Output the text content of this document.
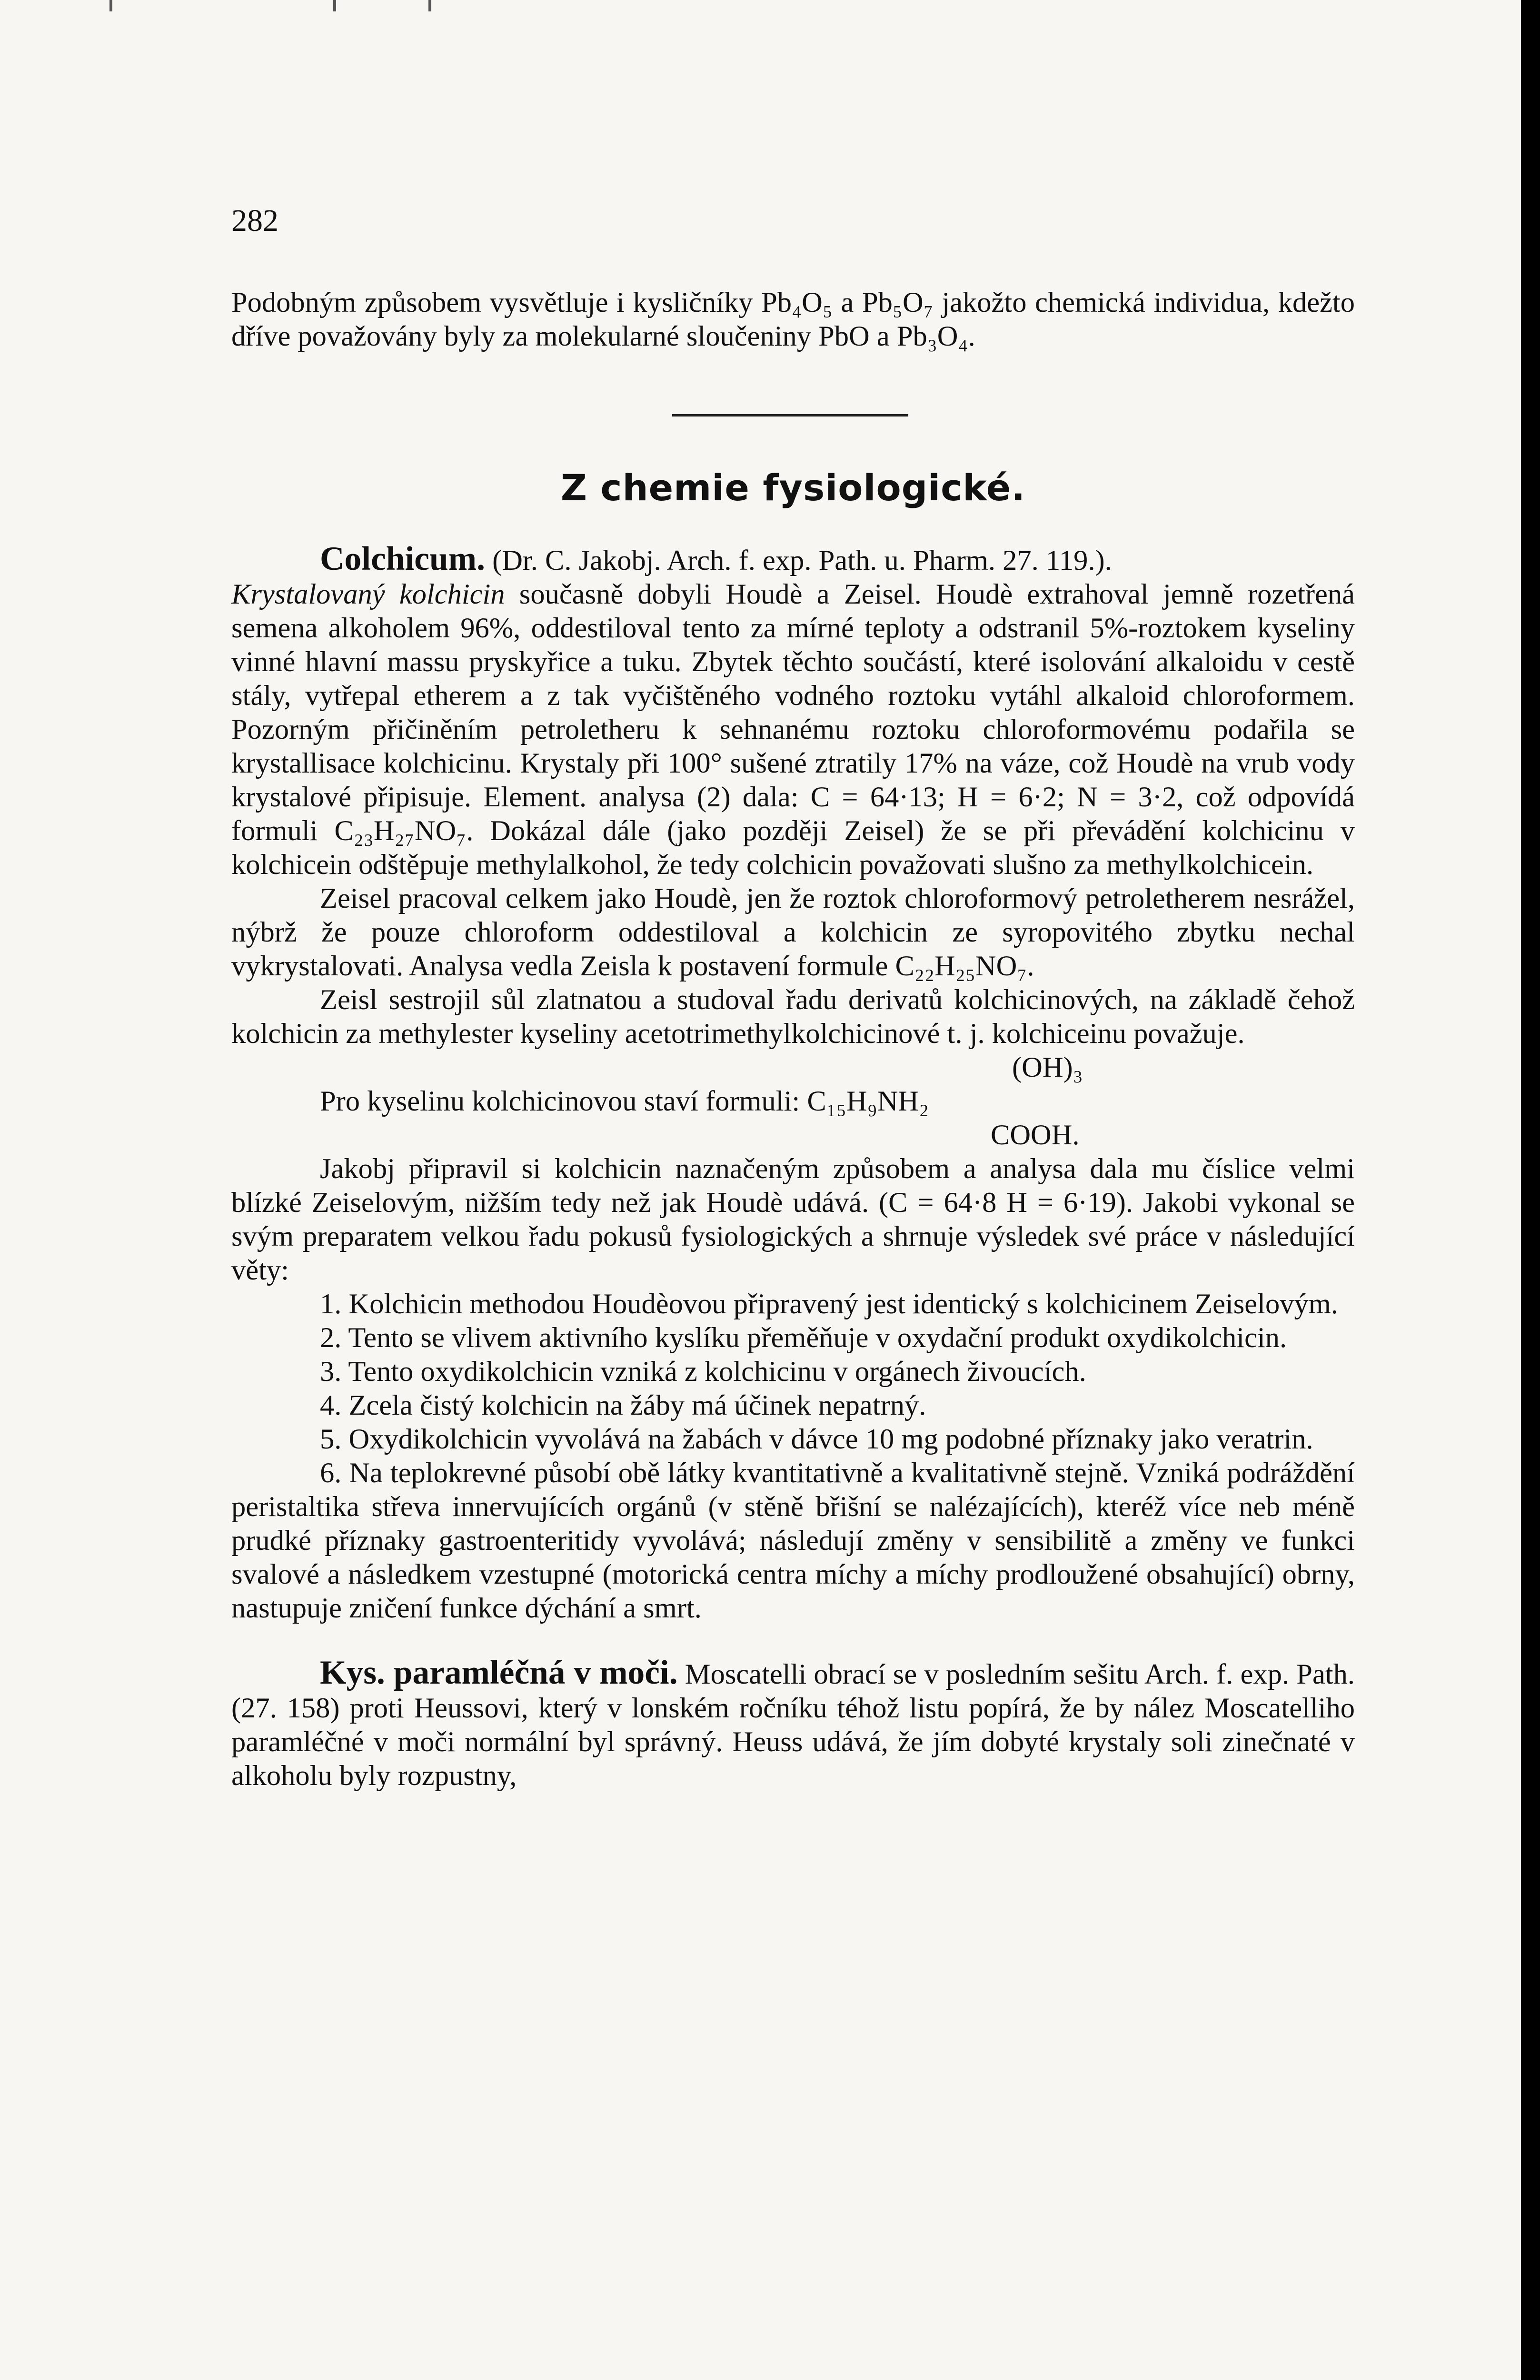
282

Podobným způsobem vysvětluje i kysličníky Pb₄O₅ a Pb₅O₇ jakožto chemická individua, kdežto dříve považovány byly za molekularné sloučeniny PbO a Pb₃O₄.

Z chemie fysiologické.

Colchicum. (Dr. C. Jakobj. Arch. f. exp. Path. u. Pharm. 27. 119.).

Krystalovaný kolchicin současně dobyli Houdè a Zeisel. Houdè extrahoval jemně rozetřená semena alkoholem 96%, oddestiloval tento za mírné teploty a odstranil 5%-roztokem kyseliny vinné hlavní massu pryskyřice a tuku. Zbytek těchto součástí, které isolování alkaloidu v cestě stály, vytřepal etherem a z tak vyčištěného vodného roztoku vytáhl alkaloid chloroformem. Pozorným přičiněním petroletheru k sehnanému roztoku chloroformovému podařila se krystallisace kolchicinu. Krystaly při 100° sušené ztratily 17% na váze, což Houdè na vrub vody krystalové připisuje. Element. analysa (2) dala: C = 64·13; H = 6·2; N = 3·2, což odpovídá formuli C₂₃H₂₇NO₇. Dokázal dále (jako později Zeisel) že se při převádění kolchicinu v kolchicein odštěpuje methylalkohol, že tedy colchicin považovati slušno za methylkolchicein.

Zeisel pracoval celkem jako Houdè, jen že roztok chloroformový petroletherem nesrážel, nýbrž že pouze chloroform oddestiloval a kolchicin ze syropovitého zbytku nechal vykrystalovati. Analysa vedla Zeisla k postavení formule C₂₂H₂₅NO₇.

Zeisl sestrojil sůl zlatnatou a studoval řadu derivatů kolchicinových, na základě čehož kolchicin za methylester kyseliny acetotrimethylkolchicinové t. j. kolchiceinu považuje.

(OH)₃
Pro kyselinu kolchicinovou staví formuli: C₁₅H₉NH₂
COOH.

Jakobj připravil si kolchicin naznačeným způsobem a analysa dala mu číslice velmi blízké Zeiselovým, nižším tedy než jak Houdè udává. (C = 64·8 H = 6·19). Jakobi vykonal se svým preparatem velkou řadu pokusů fysiologických a shrnuje výsledek své práce v následující věty:

1. Kolchicin methodou Houdèovou připravený jest identický s kolchicinem Zeiselovým.

2. Tento se vlivem aktivního kyslíku přeměňuje v oxydační produkt oxydikolchicin.

3. Tento oxydikolchicin vzniká z kolchicinu v orgánech živoucích.

4. Zcela čistý kolchicin na žáby má účinek nepatrný.

5. Oxydikolchicin vyvolává na žabách v dávce 10 mg podobné příznaky jako veratrin.

6. Na teplokrevné působí obě látky kvantitativně a kvalitativně stejně. Vzniká podráždění peristaltika střeva innervujících orgánů (v stěně břišní se nalézajících), kteréž více neb méně prudké příznaky gastroenteritidy vyvolává; následují změny v sensibilitě a změny ve funkci svalové a následkem vzestupné (motorická centra míchy a míchy prodloužené obsahující) obrny, nastupuje zničení funkce dýchání a smrt.

Kys. paramléčná v moči. Moscatelli obrací se v posledním sešitu Arch. f. exp. Path. (27. 158) proti Heussovi, který v lonském ročníku téhož listu popírá, že by nález Moscatelliho paramléčné v moči normální byl správný. Heuss udává, že jím dobyté krystaly soli zinečnaté v alkoholu byly rozpustny,
